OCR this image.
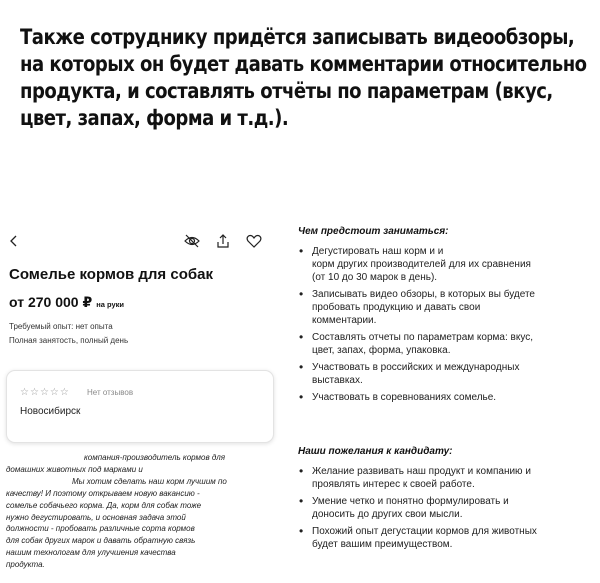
Также сотруднику придётся записывать видеообзоры,
на которых он будет давать комментарии относительно
продукта, и составлять отчёты по параметрам (вкус,
цвет, запах, форма и т.д.).
Сомелье кормов для собак
от 270 000 ₽ на руки
Требуемый опыт: нет опыта
Полная занятость, полный день
☆ ☆ ☆ ☆ ☆ Нет отзывов
Новосибирск

компания-производитель кормов для

домашних животных под марками и

Мы хотим сделать наш корм лучшим по

качеству! И поэтому открываем новую вакансию -

сомелье собачьего корма. Да, корм для собак тоже

нужно дегустировать, и основная задача этой

должности - пробовать различные сорта кормов

для собак других марок и давать обратную связь

нашим технологам для улучшения качества

продукта.

Чем предстоит заниматься:

• Дегустировать наш корм и и

корм других производителей для их сравнения

(от 10 до 30 марок в день).

• Записывать видео обзоры, в которых вы будете

пробовать продукцию и давать свои

комментарии.

• Составлять отчеты по параметрам корма: вкус,

цвет, запах, форма, упаковка.

• Участвовать в российских и международных

выставках.

• Участвовать в соревнованиях сомелье.

Наши пожелания к кандидату:

• Желание развивать наш продукт и компанию и

проявлять интерес к своей работе.

• Умение четко и понятно формулировать и

доносить до других свои мысли.

• Похожий опыт дегустации кормов для животных

будет вашим преимуществом.
